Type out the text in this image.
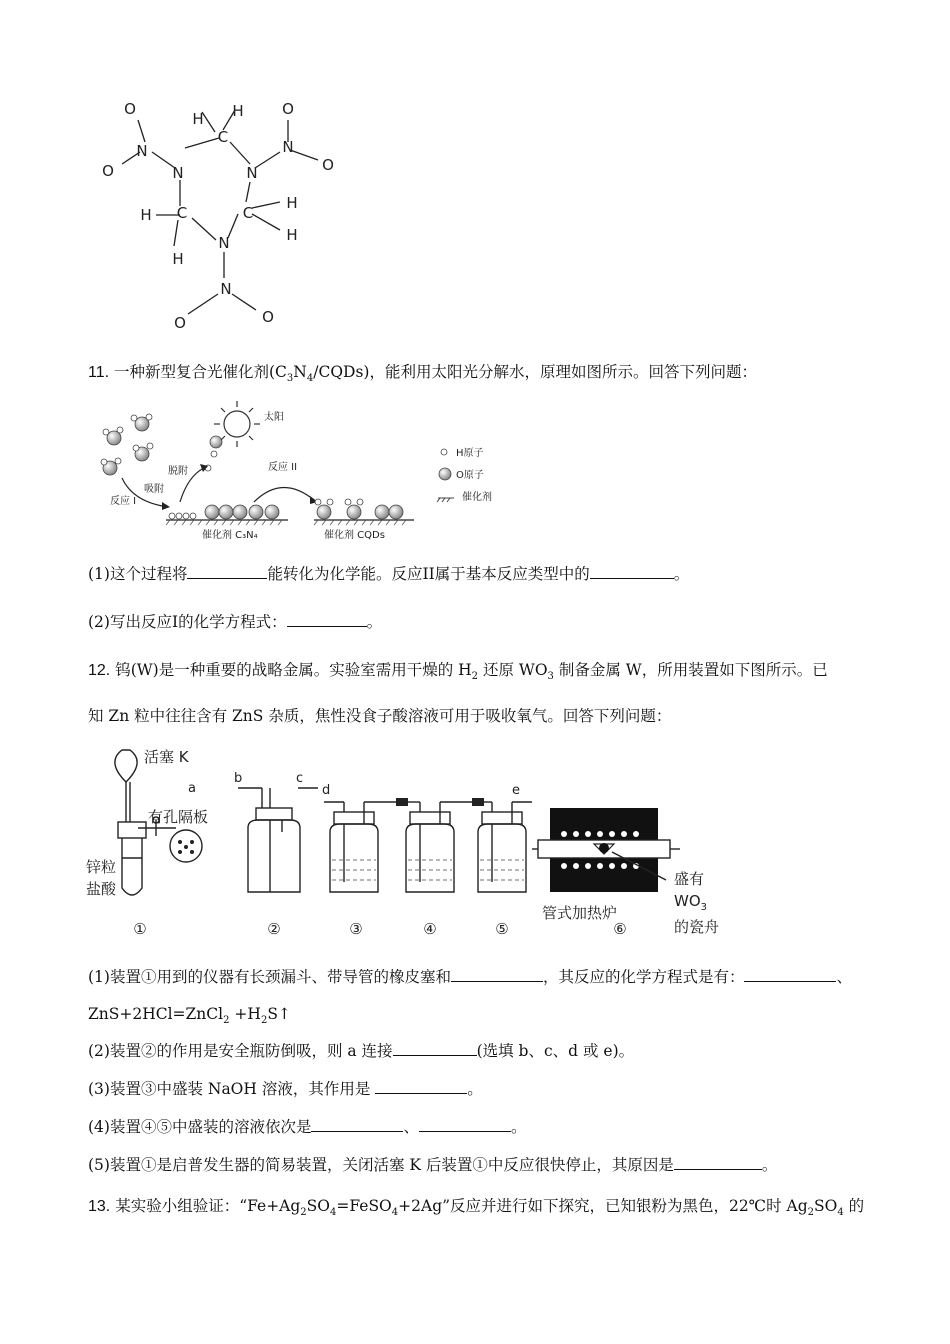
H H
C
N
N
C
C
H
H
H
H
N
N
O
O
N
O
O
N
O	O
11. 一种新型复合光催化剂$(C_3N_4/CQDs)$，能利用太阳光分解水，原理如图所示。回答下列问题：
太阳
吸附
脱附
反应 I
反应 II
催化剂 C₃N₄	催化剂 CQDs
H原子
O原子
催化剂
(1)这个过程将	能转化为化学能。反应II属于基本反应类型中的	。
(2)写出反应I的化学方程式：	。
12. 钨(W)是一种重要的战略金属。实验室需用干燥的 $H_2$ 还原 $WO_3$ 制备金属 W，所用装置如下图所示。已
知 Zn 粒中往往含有 ZnS 杂质，焦性没食子酸溶液可用于吸收氧气。回答下列问题：
活塞 K
a
有孔隔板
锌粒
盐酸
b	c
d	e
管式加热炉
盛有
$WO_3$
的瓷舟
①	②	③	④	⑤	⑥
(1)装置①用到的仪器有长颈漏斗、带导管的橡皮塞和	，其反应的化学方程式是有：	、
ZnS+2HCl=ZnCl$_2$ $+H_2S↑$
(2)装置②的作用是安全瓶防倒吸，则 a 连接	(选填 b、c、d 或 e)。
(3)装置③中盛装 NaOH 溶液，其作用是	。
(4)装置④⑤中盛装的溶液依次是	、	。
(5)装置①是启普发生器的简易装置，关闭活塞 K 后装置①中反应很快停止，其原因是	。
13. 某实验小组验证：“$Fe+Ag_2SO_4=FeSO_4+2Ag$”反应并进行如下探究，已知银粉为黑色，22℃时 $Ag_2SO_4$ 的
